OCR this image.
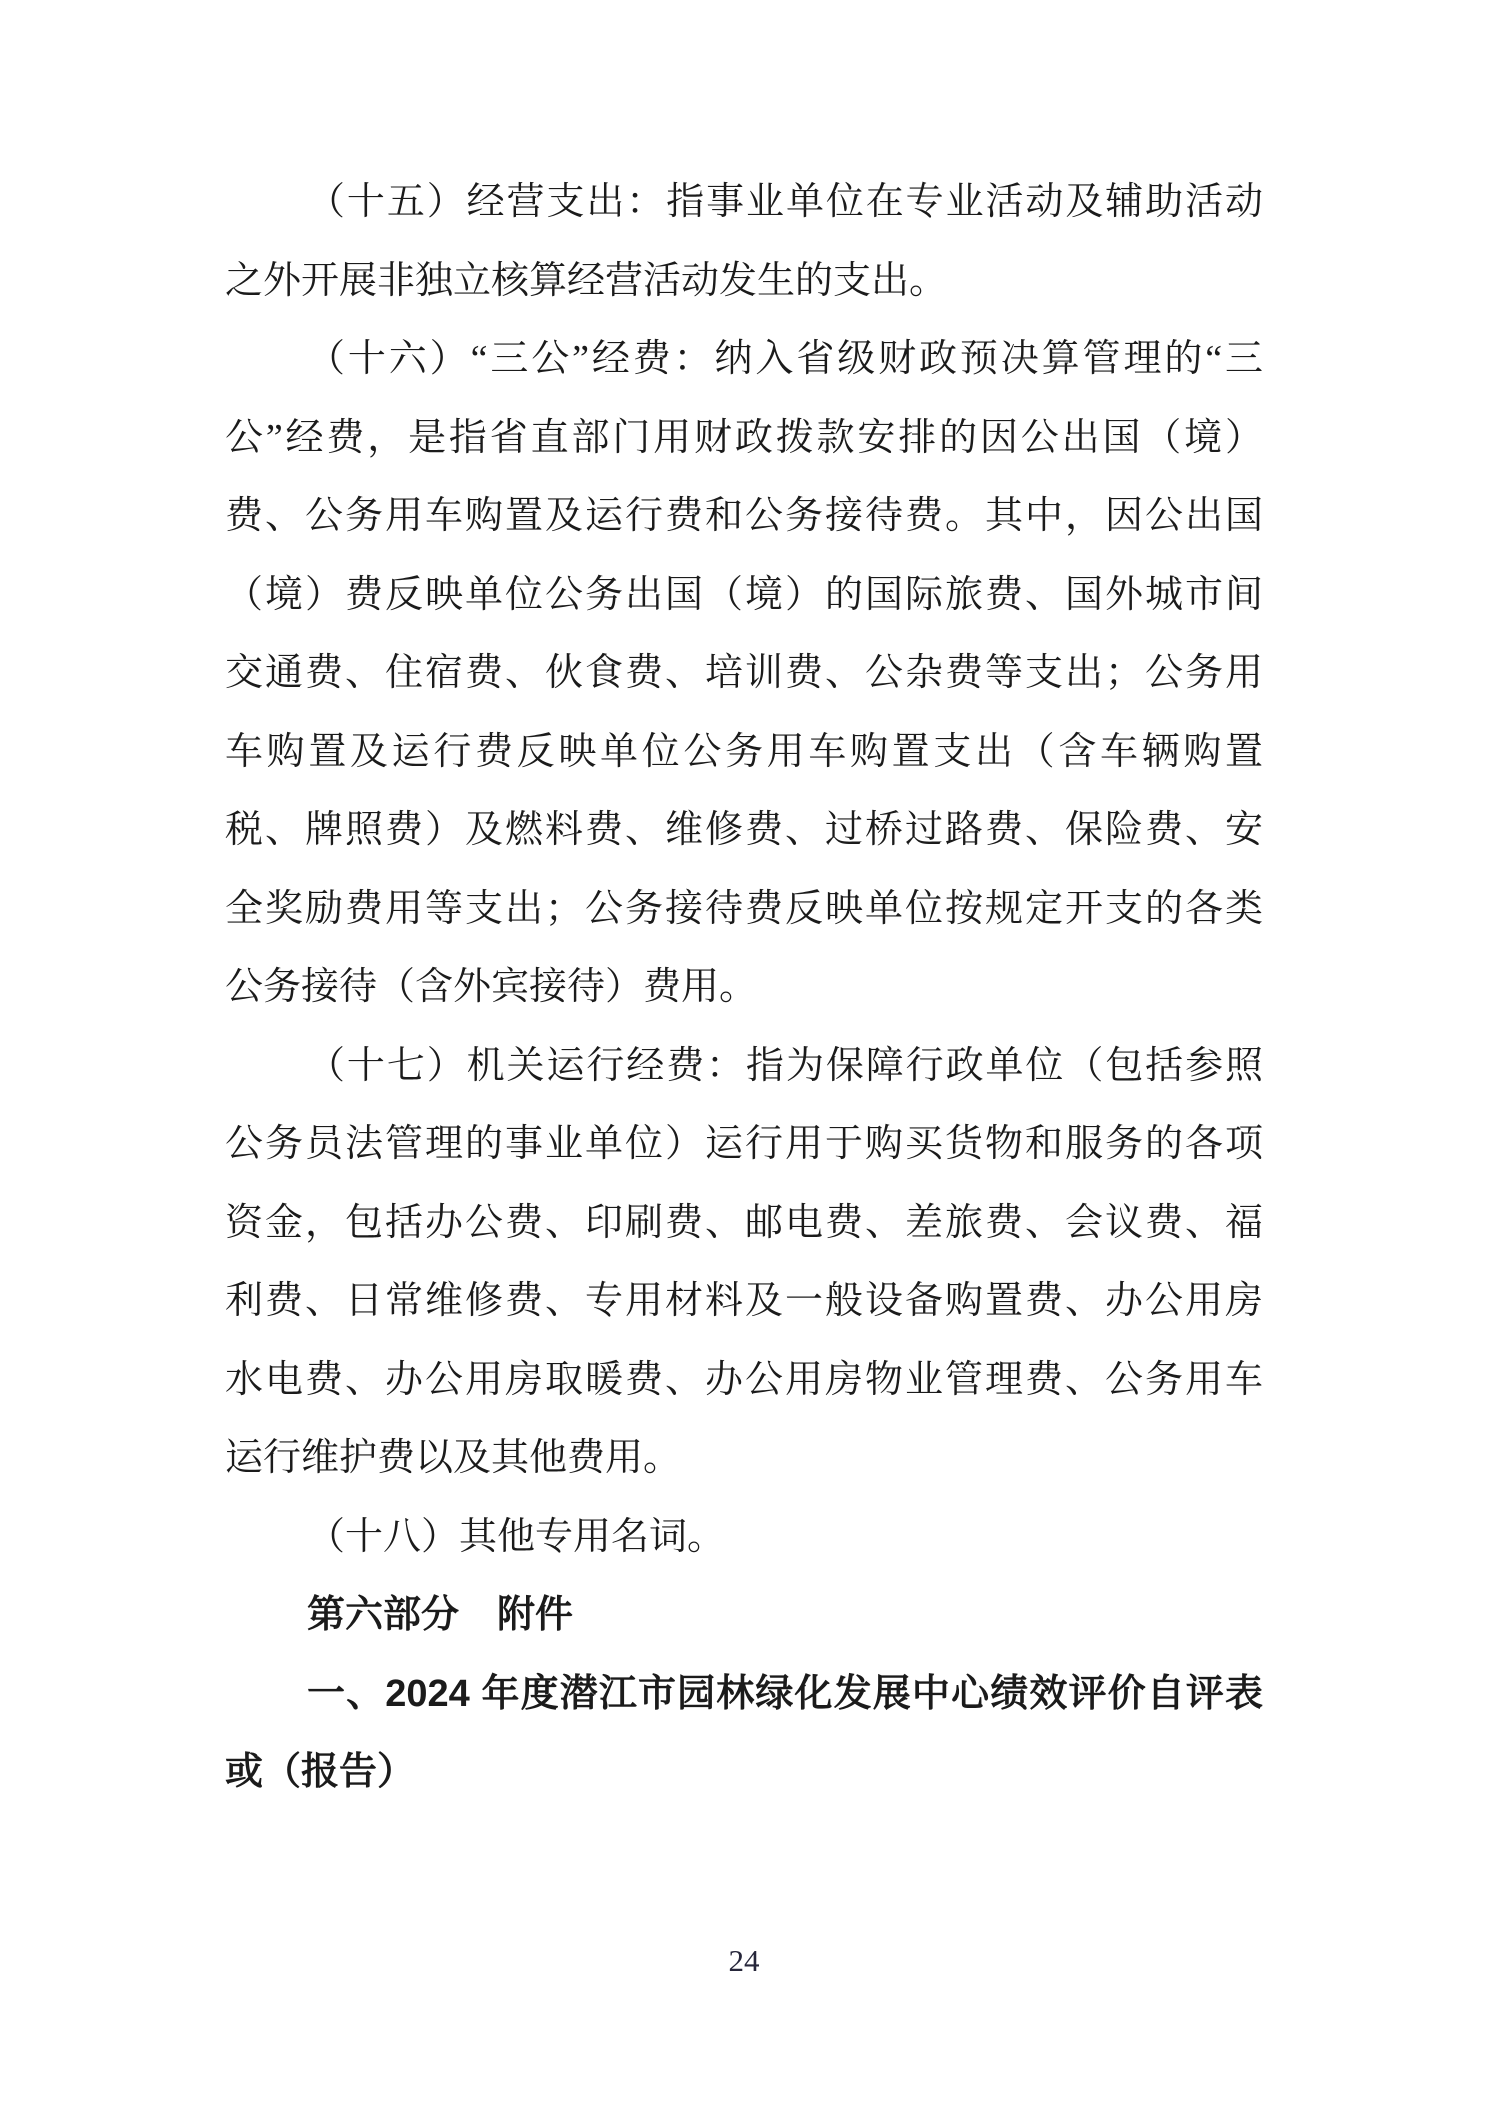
（十五）经营支出：指事业单位在专业活动及辅助活动
之外开展非独立核算经营活动发生的支出。
（十六）“三公”经费：纳入省级财政预决算管理的“三
公”经费，是指省直部门用财政拨款安排的因公出国（境）
费、公务用车购置及运行费和公务接待费。其中，因公出国
（境）费反映单位公务出国（境）的国际旅费、国外城市间
交通费、住宿费、伙食费、培训费、公杂费等支出；公务用
车购置及运行费反映单位公务用车购置支出（含车辆购置
税、牌照费）及燃料费、维修费、过桥过路费、保险费、安
全奖励费用等支出；公务接待费反映单位按规定开支的各类
公务接待（含外宾接待）费用。
（十七）机关运行经费：指为保障行政单位（包括参照
公务员法管理的事业单位）运行用于购买货物和服务的各项
资金，包括办公费、印刷费、邮电费、差旅费、会议费、福
利费、日常维修费、专用材料及一般设备购置费、办公用房
水电费、办公用房取暖费、办公用房物业管理费、公务用车
运行维护费以及其他费用。
（十八）其他专用名词。
第六部分　附件
一、2024 年度潜江市园林绿化发展中心绩效评价自评表
或（报告）
24
